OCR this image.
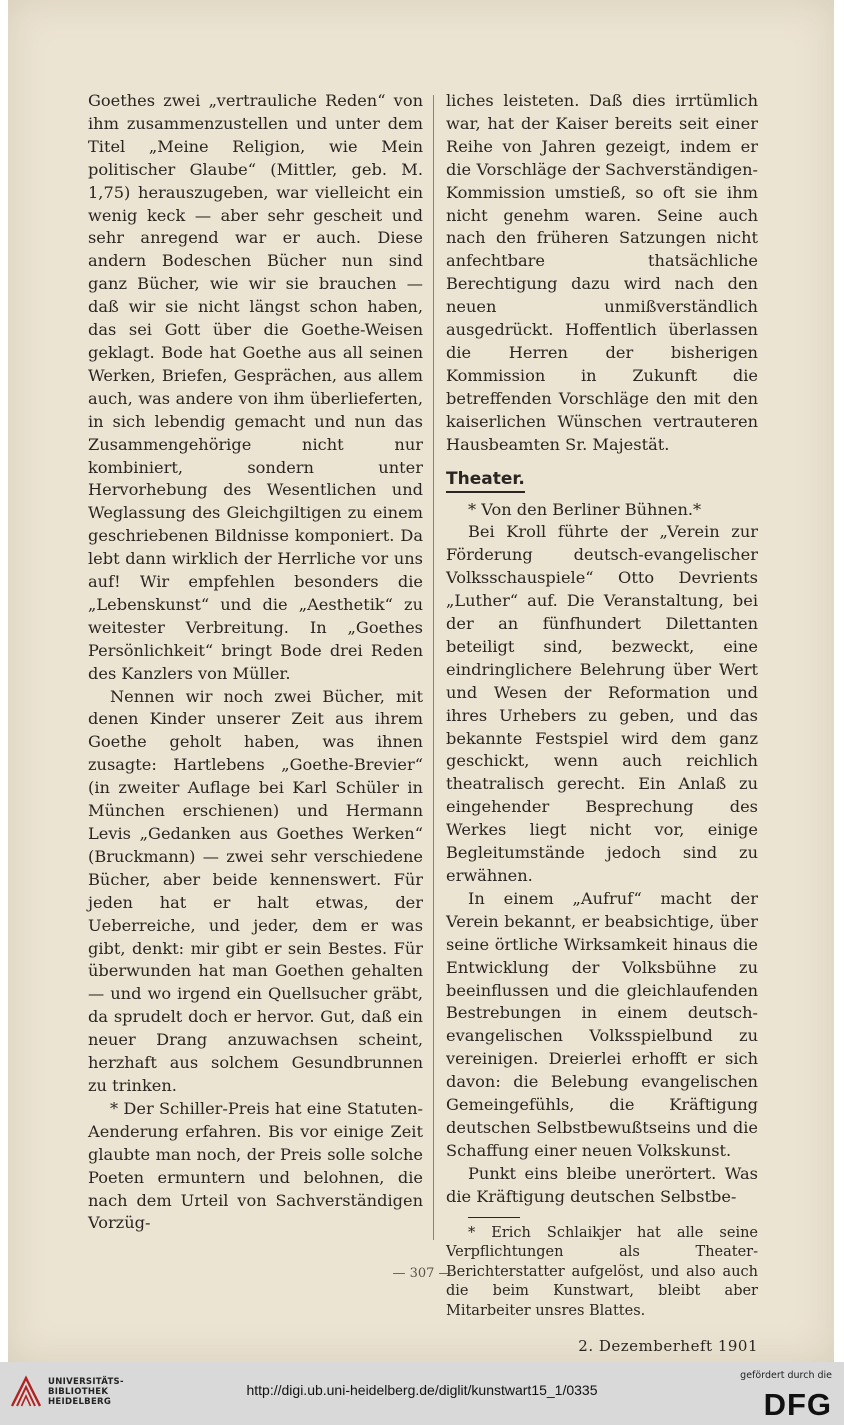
Goethes zwei „vertrauliche Reden“ von ihm zusammenzustellen und unter dem Titel „Meine Religion, wie Mein politischer Glaube“ (Mittler, geb. M. 1,75) herauszugeben, war vielleicht ein wenig keck — aber sehr gescheit und sehr anregend war er auch. Diese andern Bodeschen Bücher nun sind ganz Bücher, wie wir sie brauchen — daß wir sie nicht längst schon haben, das sei Gott über die Goethe-Weisen geklagt. Bode hat Goethe aus all seinen Werken, Briefen, Gesprächen, aus allem auch, was andere von ihm überlieferten, in sich lebendig gemacht und nun das Zusammengehörige nicht nur kombiniert, sondern unter Hervorhebung des Wesentlichen und Weglassung des Gleichgiltigen zu einem geschriebenen Bildnisse komponiert. Da lebt dann wirklich der Herrliche vor uns auf! Wir empfehlen besonders die „Lebenskunst“ und die „Aesthetik“ zu weitester Verbreitung. In „Goethes Persönlichkeit“ bringt Bode drei Reden des Kanzlers von Müller.

Nennen wir noch zwei Bücher, mit denen Kinder unserer Zeit aus ihrem Goethe geholt haben, was ihnen zusagte: Hartlebens „Goethe-Brevier“ (in zweiter Auflage bei Karl Schüler in München erschienen) und Hermann Levis „Gedanken aus Goethes Werken“ (Bruckmann) — zwei sehr verschiedene Bücher, aber beide kennenswert. Für jeden hat er halt etwas, der Ueberreiche, und jeder, dem er was gibt, denkt: mir gibt er sein Bestes. Für überwunden hat man Goethen gehalten — und wo irgend ein Quellsucher gräbt, da sprudelt doch er hervor. Gut, daß ein neuer Drang anzuwachsen scheint, herzhaft aus solchem Gesundbrunnen zu trinken.

* Der Schiller-Preis hat eine Statuten-Aenderung erfahren. Bis vor einige Zeit glaubte man noch, der Preis solle solche Poeten ermuntern und belohnen, die nach dem Urteil von Sachverständigen Vorzüg-

liches leisteten. Daß dies irrtümlich war, hat der Kaiser bereits seit einer Reihe von Jahren gezeigt, indem er die Vorschläge der Sachverständigen-Kommission umstieß, so oft sie ihm nicht genehm waren. Seine auch nach den früheren Satzungen nicht anfechtbare thatsächliche Berechtigung dazu wird nach den neuen unmißverständlich ausgedrückt. Hoffentlich überlassen die Herren der bisherigen Kommission in Zukunft die betreffenden Vorschläge den mit den kaiserlichen Wünschen vertrauteren Hausbeamten Sr. Majestät.

Theater.

* Von den Berliner Bühnen.*

Bei Kroll führte der „Verein zur Förderung deutsch-evangelischer Volksschauspiele“ Otto Devrients „Luther“ auf. Die Veranstaltung, bei der an fünfhundert Dilettanten beteiligt sind, bezweckt, eine eindringlichere Belehrung über Wert und Wesen der Reformation und ihres Urhebers zu geben, und das bekannte Festspiel wird dem ganz geschickt, wenn auch reichlich theatralisch gerecht. Ein Anlaß zu eingehender Besprechung des Werkes liegt nicht vor, einige Begleitumstände jedoch sind zu erwähnen.

In einem „Aufruf“ macht der Verein bekannt, er beabsichtige, über seine örtliche Wirksamkeit hinaus die Entwicklung der Volksbühne zu beeinflussen und die gleichlaufenden Bestrebungen in einem deutsch-evangelischen Volksspielbund zu vereinigen. Dreierlei erhofft er sich davon: die Belebung evangelischen Gemeingefühls, die Kräftigung deutschen Selbstbewußtseins und die Schaffung einer neuen Volkskunst.

Punkt eins bleibe unerörtert. Was die Kräftigung deutschen Selbstbe-

* Erich Schlaikjer hat alle seine Verpflichtungen als Theater-Berichterstatter aufgelöst, und also auch die beim Kunstwart, bleibt aber Mitarbeiter unsres Blattes.

2. Dezemberheft 1901
— 307 —
UNIVERSITÄTS-
BIBLIOTHEK
HEIDELBERG
http://digi.ub.uni-heidelberg.de/diglit/kunstwart15_1/0335
gefördert durch die
DFG
